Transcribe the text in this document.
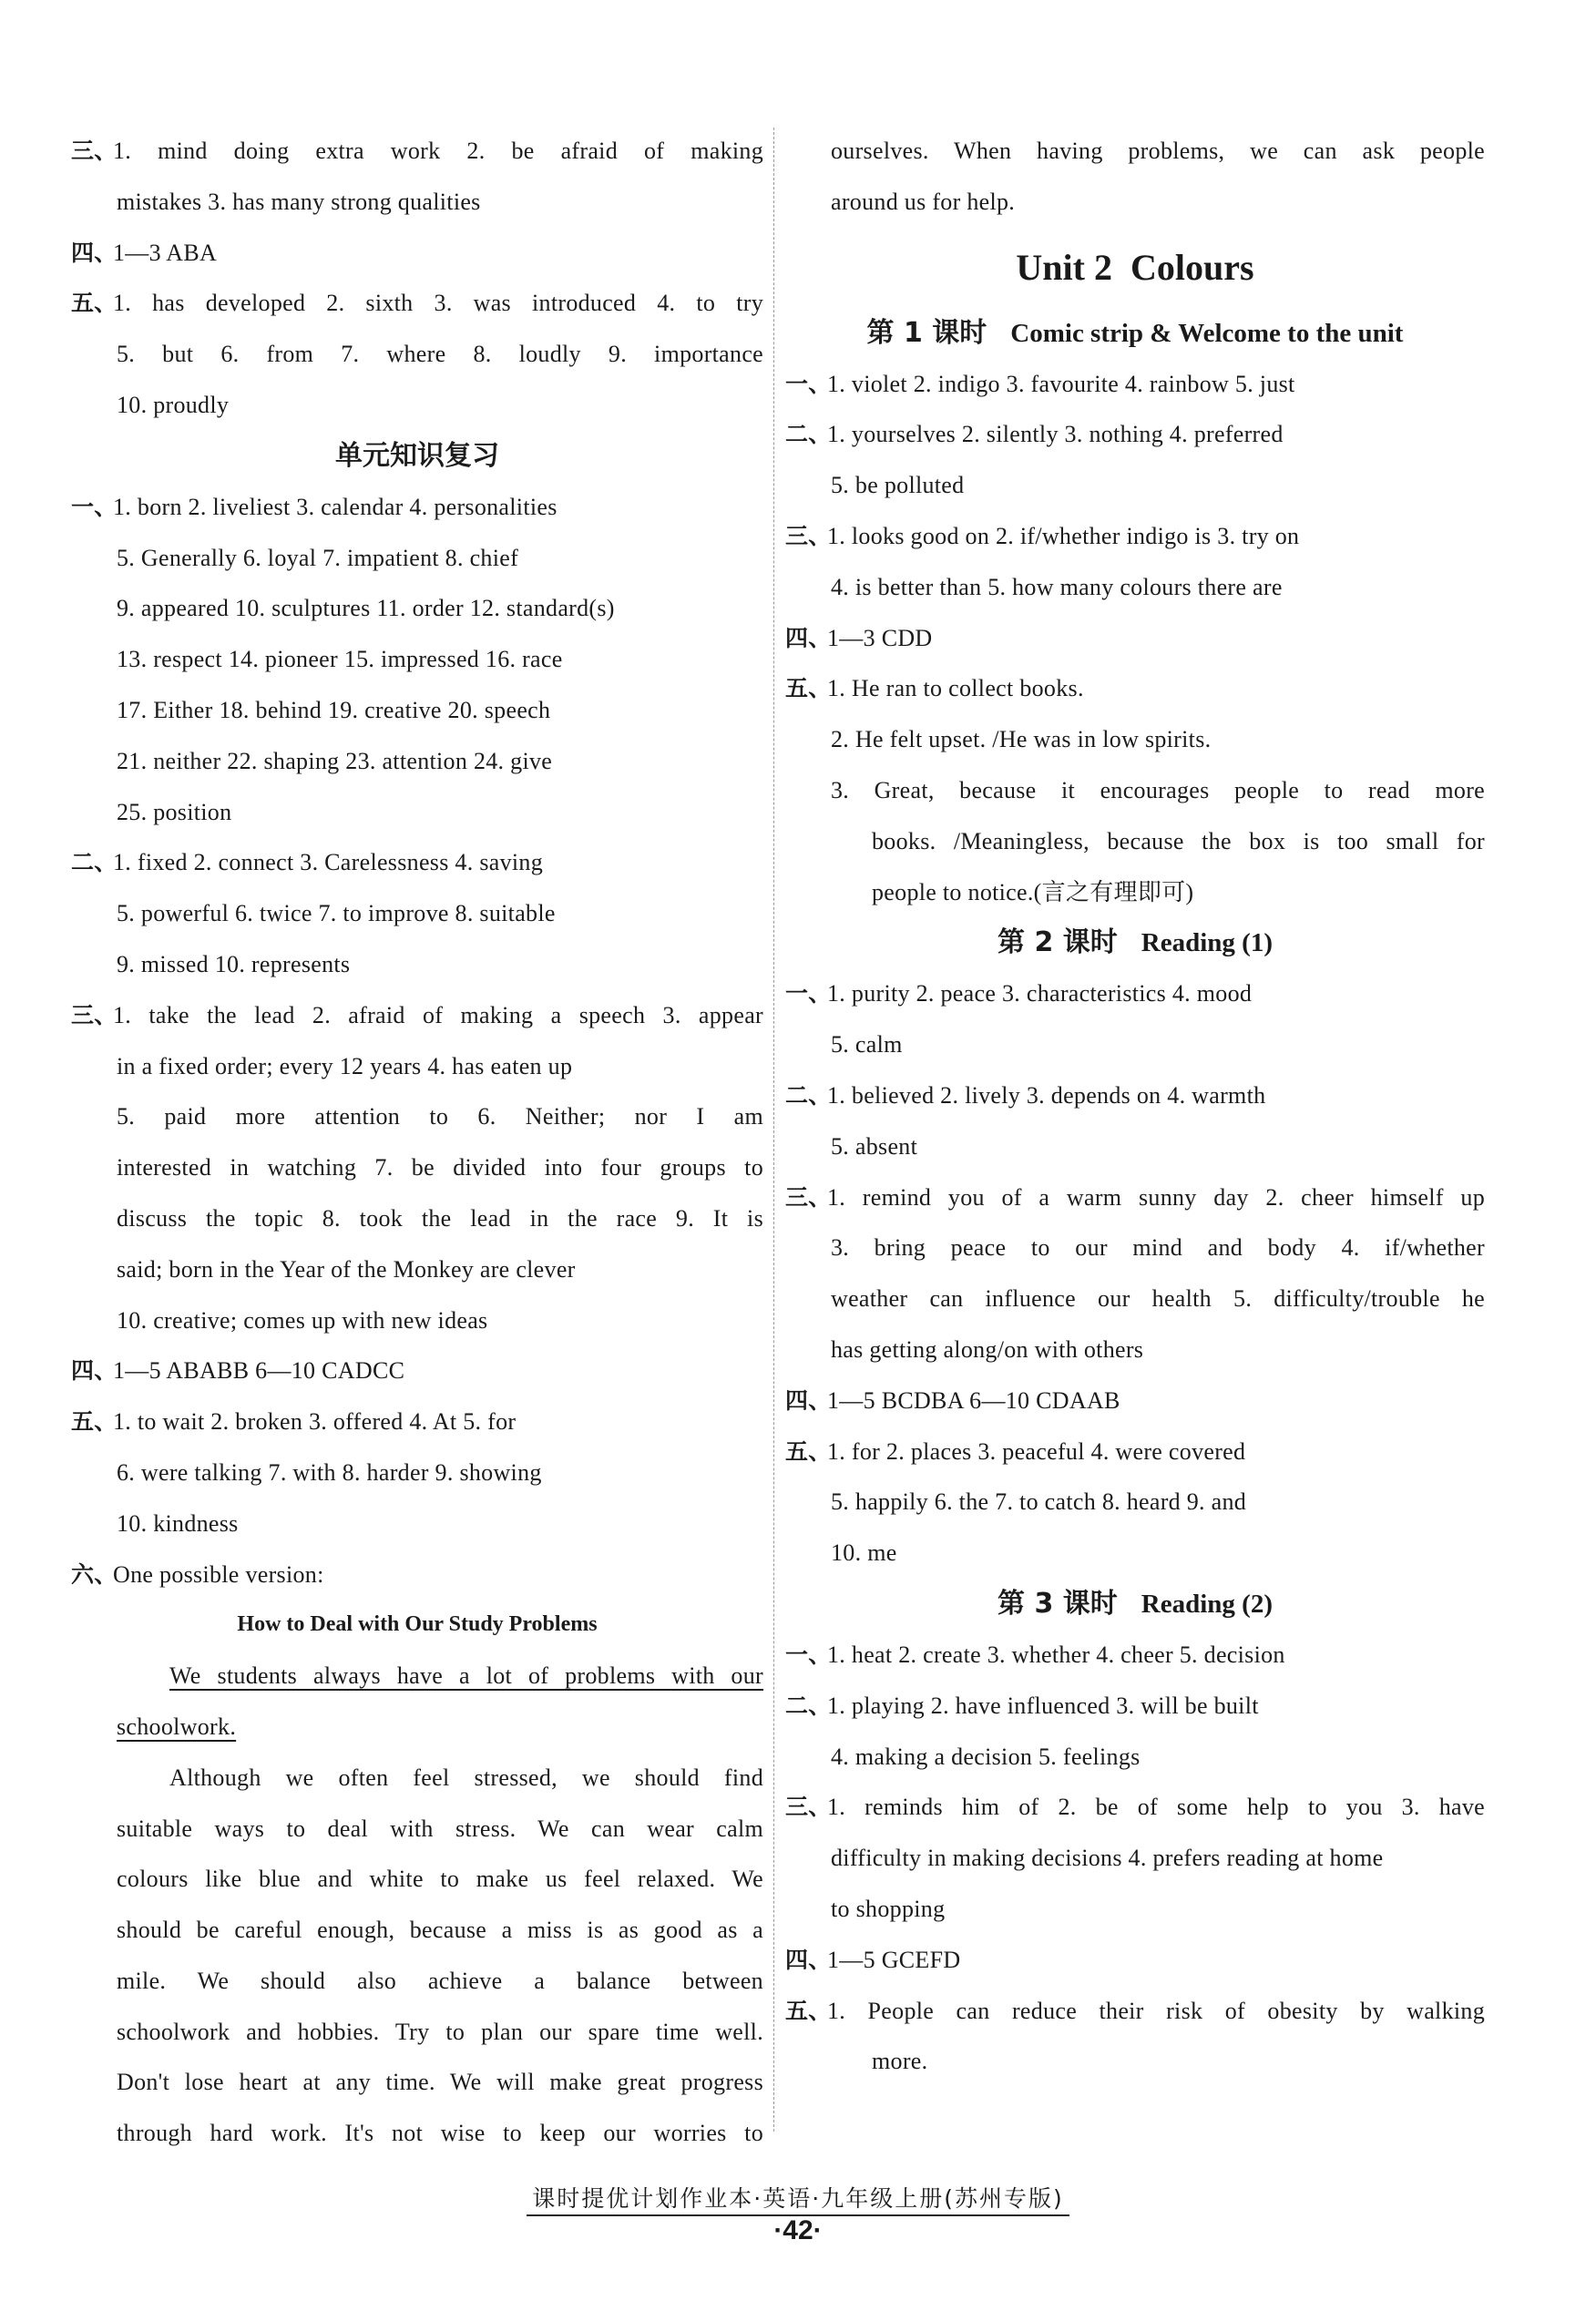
三、1. mind doing extra work 2. be afraid of making
mistakes 3. has many strong qualities
四、1—3 ABA
五、1. has developed 2. sixth 3. was introduced 4. to try
5. but 6. from 7. where 8. loudly 9. importance
10. proudly
单元知识复习
一、1. born 2. liveliest 3. calendar 4. personalities
5. Generally 6. loyal 7. impatient 8. chief
9. appeared 10. sculptures 11. order 12. standard(s)
13. respect 14. pioneer 15. impressed 16. race
17. Either 18. behind 19. creative 20. speech
21. neither 22. shaping 23. attention 24. give
25. position
二、1. fixed 2. connect 3. Carelessness 4. saving
5. powerful 6. twice 7. to improve 8. suitable
9. missed 10. represents
三、1. take the lead 2. afraid of making a speech 3. appear
in a fixed order; every 12 years 4. has eaten up
5. paid more attention to 6. Neither; nor I am
interested in watching 7. be divided into four groups to
discuss the topic 8. took the lead in the race 9. It is
said; born in the Year of the Monkey are clever
10. creative; comes up with new ideas
四、1—5 ABABB 6—10 CADCC
五、1. to wait 2. broken 3. offered 4. At 5. for
6. were talking 7. with 8. harder 9. showing
10. kindness
六、One possible version:
How to Deal with Our Study Problems
We students always have a lot of problems with our
schoolwork.
Although we often feel stressed, we should find
suitable ways to deal with stress. We can wear calm
colours like blue and white to make us feel relaxed. We
should be careful enough, because a miss is as good as a
mile. We should also achieve a balance between
schoolwork and hobbies. Try to plan our spare time well.
Don't lose heart at any time. We will make great progress
through hard work. It's not wise to keep our worries to
ourselves. When having problems, we can ask people
around us for help.
Unit 2  Colours
第 1 课时 Comic strip & Welcome to the unit
一、1. violet 2. indigo 3. favourite 4. rainbow 5. just
二、1. yourselves 2. silently 3. nothing 4. preferred
5. be polluted
三、1. looks good on 2. if/whether indigo is 3. try on
4. is better than 5. how many colours there are
四、1—3 CDD
五、1. He ran to collect books.
2. He felt upset. /He was in low spirits.
3. Great, because it encourages people to read more
books. /Meaningless, because the box is too small for
people to notice.(言之有理即可)
第 2 课时 Reading (1)
一、1. purity 2. peace 3. characteristics 4. mood
5. calm
二、1. believed 2. lively 3. depends on 4. warmth
5. absent
三、1. remind you of a warm sunny day 2. cheer himself up
3. bring peace to our mind and body 4. if/whether
weather can influence our health 5. difficulty/trouble he
has getting along/on with others
四、1—5 BCDBA 6—10 CDAAB
五、1. for 2. places 3. peaceful 4. were covered
5. happily 6. the 7. to catch 8. heard 9. and
10. me
第 3 课时 Reading (2)
一、1. heat 2. create 3. whether 4. cheer 5. decision
二、1. playing 2. have influenced 3. will be built
4. making a decision 5. feelings
三、1. reminds him of 2. be of some help to you 3. have
difficulty in making decisions 4. prefers reading at home
to shopping
四、1—5 GCEFD
五、1. People can reduce their risk of obesity by walking
more.
课时提优计划作业本·英语·九年级上册(苏州专版)
·42·
